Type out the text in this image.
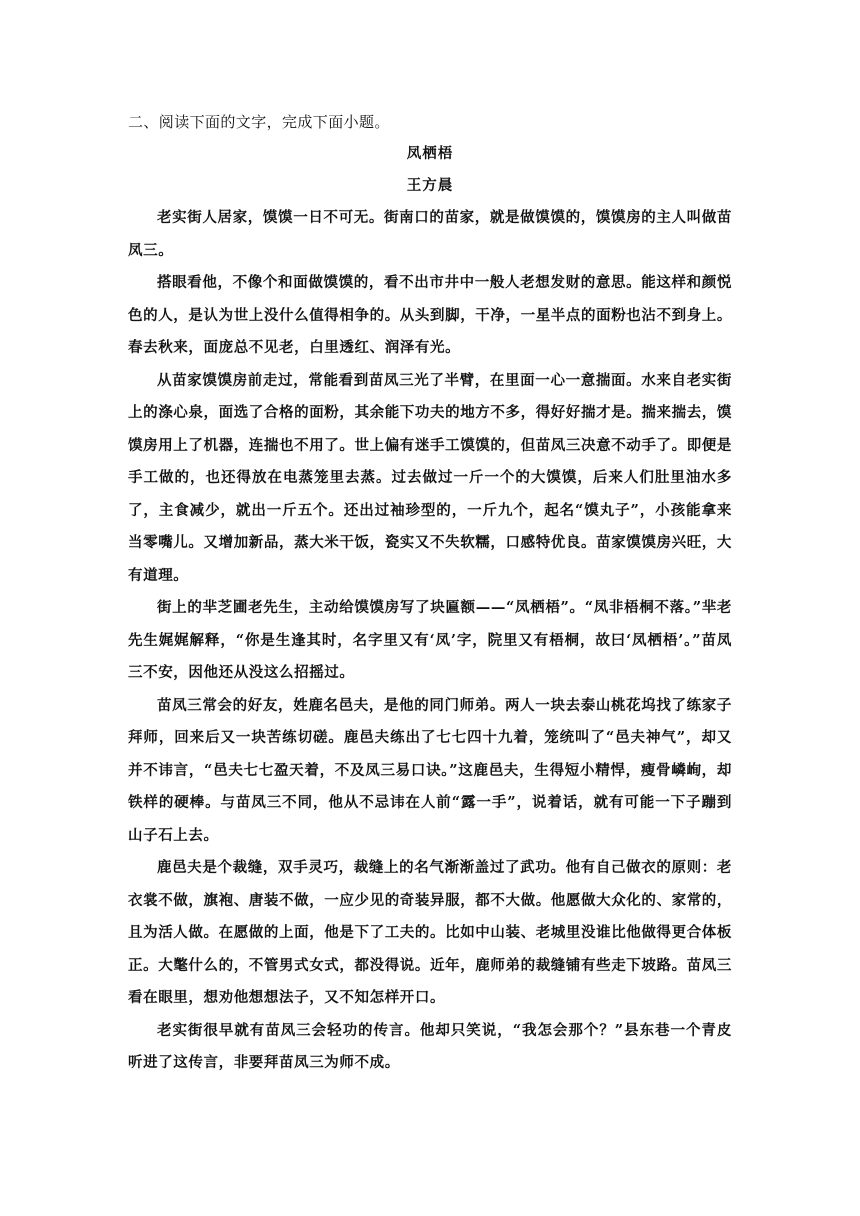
二、阅读下面的文字，完成下面小题。

凤栖梧

王方晨

老实街人居家，馍馍一日不可无。街南口的苗家，就是做馍馍的，馍馍房的主人叫做苗凤三。

搭眼看他，不像个和面做馍馍的，看不出市井中一般人老想发财的意思。能这样和颜悦色的人，是认为世上没什么值得相争的。从头到脚，干净，一星半点的面粉也沾不到身上。春去秋来，面庞总不见老，白里透红、润泽有光。

从苗家馍馍房前走过，常能看到苗凤三光了半臂，在里面一心一意揣面。水来自老实街上的涤心泉，面选了合格的面粉，其余能下功夫的地方不多，得好好揣才是。揣来揣去，馍馍房用上了机器，连揣也不用了。世上偏有迷手工馍馍的，但苗凤三决意不动手了。即便是手工做的，也还得放在电蒸笼里去蒸。过去做过一斤一个的大馍馍，后来人们肚里油水多了，主食减少，就出一斤五个。还出过袖珍型的，一斤九个，起名“馍丸子”，小孩能拿来当零嘴儿。又增加新品，蒸大米干饭，瓷实又不失软糯，口感特优良。苗家馍馍房兴旺，大有道理。

街上的芈芝圃老先生，主动给馍馍房写了块匾额——“凤栖梧”。“凤非梧桐不落。”芈老先生娓娓解释，“你是生逢其时，名字里又有‘凤’字，院里又有梧桐，故曰‘凤栖梧’。”苗凤三不安，因他还从没这么招摇过。

苗凤三常会的好友，姓鹿名邑夫，是他的同门师弟。两人一块去泰山桃花坞找了练家子拜师，回来后又一块苦练切磋。鹿邑夫练出了七七四十九着，笼统叫了“邑夫神气”，却又并不讳言，“邑夫七七盈天着，不及凤三易口诀。”这鹿邑夫，生得短小精悍，瘦骨嶙峋，却铁样的硬棒。与苗凤三不同，他从不忌讳在人前“露一手”，说着话，就有可能一下子蹦到山子石上去。

鹿邑夫是个裁缝，双手灵巧，裁缝上的名气渐渐盖过了武功。他有自己做衣的原则：老衣裳不做，旗袍、唐装不做，一应少见的奇装异服，都不大做。他愿做大众化的、家常的，且为活人做。在愿做的上面，他是下了工夫的。比如中山装、老城里没谁比他做得更合体板正。大氅什么的，不管男式女式，都没得说。近年，鹿师弟的裁缝铺有些走下坡路。苗凤三看在眼里，想劝他想想法子，又不知怎样开口。

老实街很早就有苗凤三会轻功的传言。他却只笑说，“我怎会那个？”县东巷一个青皮听进了这传言，非要拜苗凤三为师不成。
